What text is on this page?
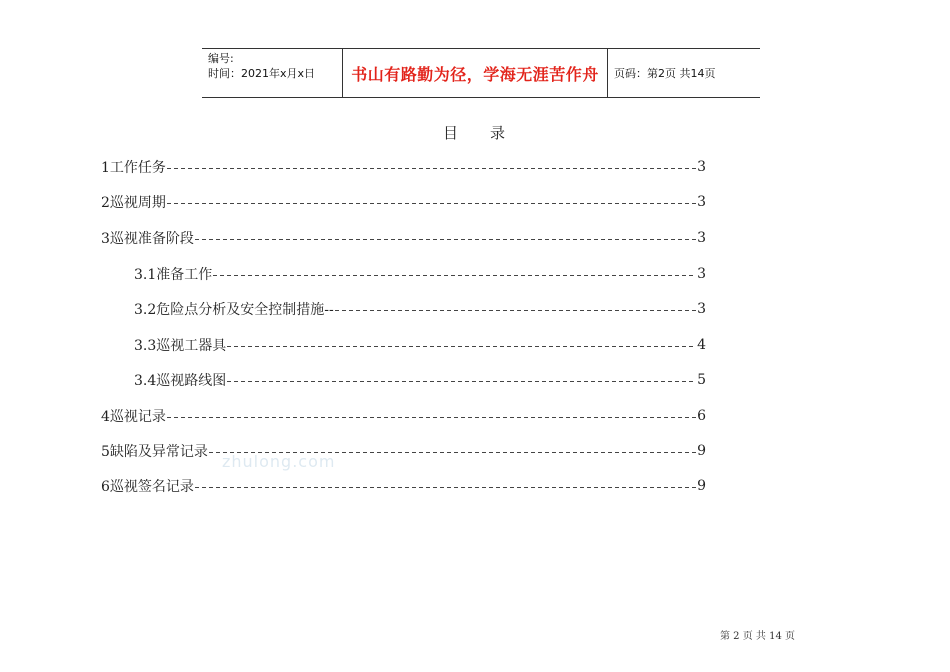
编号:
时间：2021年x月x日	书山有路勤为径，学海无涯苦作舟	页码：第2页 共14页
目 录
1工作任务	3
2巡视周期	3
3巡视准备阶段	3
3.1准备工作	3
3.2危险点分析及安全控制措施--	3
3.3巡视工器具	4
3.4巡视路线图	5
4巡视记录	6
5缺陷及异常记录	9
6巡视签名记录	9
zhulong.com
第 2 页 共 14 页
